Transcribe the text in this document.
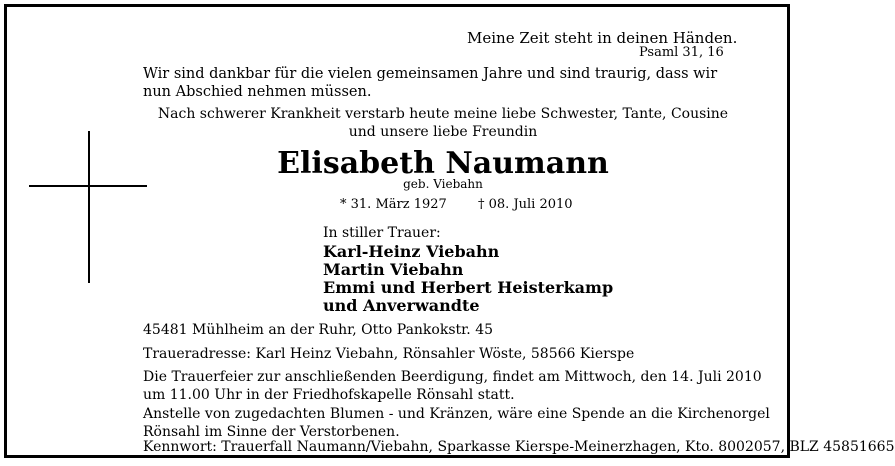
Meine Zeit steht in deinen Händen.
Psaml 31, 16
Wir sind dankbar für die vielen gemeinsamen Jahre und sind traurig, dass wir nun Abschied nehmen müssen.
Nach schwerer Krankheit verstarb heute meine liebe Schwester, Tante, Cousine
und unsere liebe Freundin
Elisabeth Naumann
geb. Viebahn
* 31. März 1927 † 08. Juli 2010
In stiller Trauer:
Karl-Heinz Viebahn
Martin Viebahn
Emmi und Herbert Heisterkamp
und Anverwandte
45481 Mühlheim an der Ruhr, Otto Pankokstr. 45
Traueradresse: Karl Heinz Viebahn, Rönsahler Wöste, 58566 Kierspe
Die Trauerfeier zur anschließenden Beerdigung, findet am Mittwoch, den 14. Juli 2010 um 11.00 Uhr in der Friedhofskapelle Rönsahl statt.
Anstelle von zugedachten Blumen - und Kränzen, wäre eine Spende an die Kirchenorgel Rönsahl im Sinne der Verstorbenen.
Kennwort: Trauerfall Naumann/Viebahn, Sparkasse Kierspe-Meinerzhagen, Kto. 8002057, BLZ 45851665
